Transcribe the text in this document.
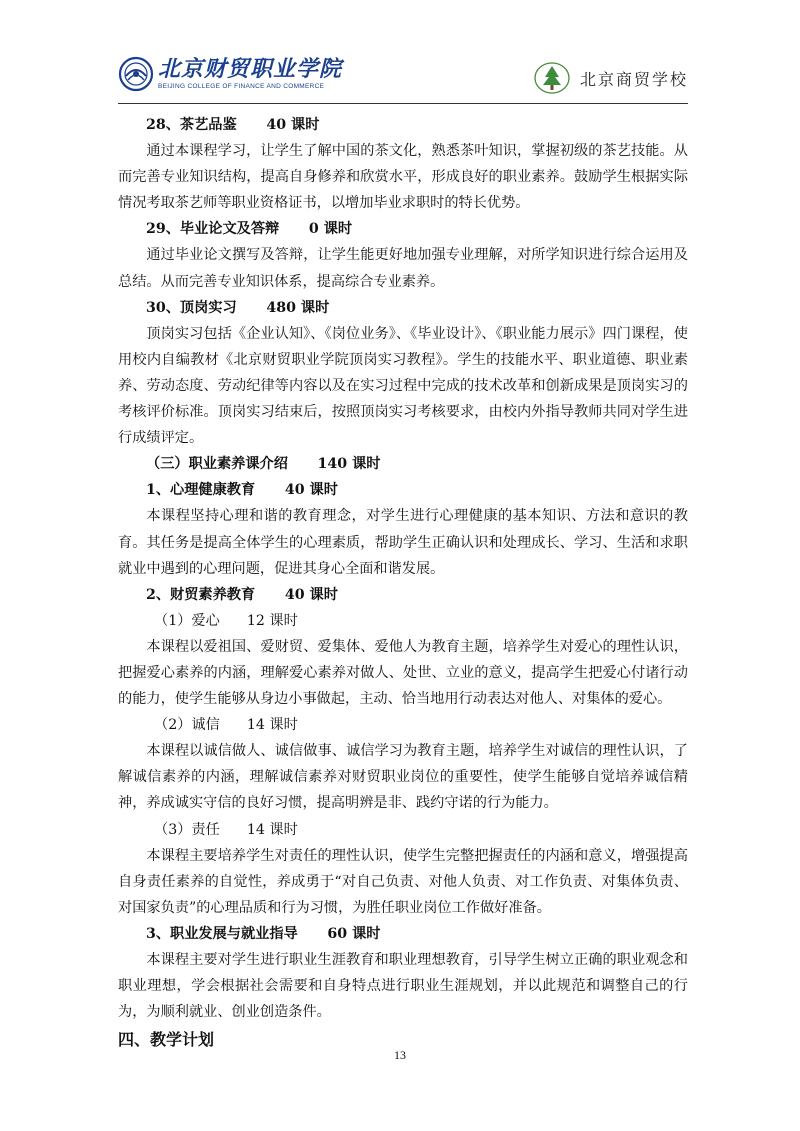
北京财贸职业学院
BEIJING COLLEGE OF FINANCE AND COMMERCE	北京商贸学校

28、茶艺品鉴 40 课时

通过本课程学习，让学生了解中国的茶文化，熟悉茶叶知识，掌握初级的茶艺技能。从而完善专业知识结构，提高自身修养和欣赏水平，形成良好的职业素养。鼓励学生根据实际情况考取茶艺师等职业资格证书，以增加毕业求职时的特长优势。

29、毕业论文及答辩 0 课时

通过毕业论文撰写及答辩，让学生能更好地加强专业理解，对所学知识进行综合运用及总结。从而完善专业知识体系，提高综合专业素养。

30、顶岗实习 480 课时

顶岗实习包括《企业认知》、《岗位业务》、《毕业设计》、《职业能力展示》四门课程，使用校内自编教材《北京财贸职业学院顶岗实习教程》。学生的技能水平、职业道德、职业素养、劳动态度、劳动纪律等内容以及在实习过程中完成的技术改革和创新成果是顶岗实习的考核评价标准。顶岗实习结束后，按照顶岗实习考核要求，由校内外指导教师共同对学生进行成绩评定。

（三）职业素养课介绍 140 课时

1、心理健康教育 40 课时

本课程坚持心理和谐的教育理念，对学生进行心理健康的基本知识、方法和意识的教育。其任务是提高全体学生的心理素质，帮助学生正确认识和处理成长、学习、生活和求职就业中遇到的心理问题，促进其身心全面和谐发展。

2、财贸素养教育 40 课时

（1）爱心 12 课时

本课程以爱祖国、爱财贸、爱集体、爱他人为教育主题，培养学生对爱心的理性认识，把握爱心素养的内涵，理解爱心素养对做人、处世、立业的意义，提高学生把爱心付诸行动的能力，使学生能够从身边小事做起，主动、恰当地用行动表达对他人、对集体的爱心。

（2）诚信 14 课时

本课程以诚信做人、诚信做事、诚信学习为教育主题，培养学生对诚信的理性认识，了解诚信素养的内涵，理解诚信素养对财贸职业岗位的重要性，使学生能够自觉培养诚信精神，养成诚实守信的良好习惯，提高明辨是非、践约守诺的行为能力。

（3）责任 14 课时

本课程主要培养学生对责任的理性认识，使学生完整把握责任的内涵和意义，增强提高自身责任素养的自觉性，养成勇于“对自己负责、对他人负责、对工作负责、对集体负责、对国家负责”的心理品质和行为习惯，为胜任职业岗位工作做好准备。

3、职业发展与就业指导 60 课时

本课程主要对学生进行职业生涯教育和职业理想教育，引导学生树立正确的职业观念和职业理想，学会根据社会需要和自身特点进行职业生涯规划，并以此规范和调整自己的行为，为顺利就业、创业创造条件。

四、教学计划

13
